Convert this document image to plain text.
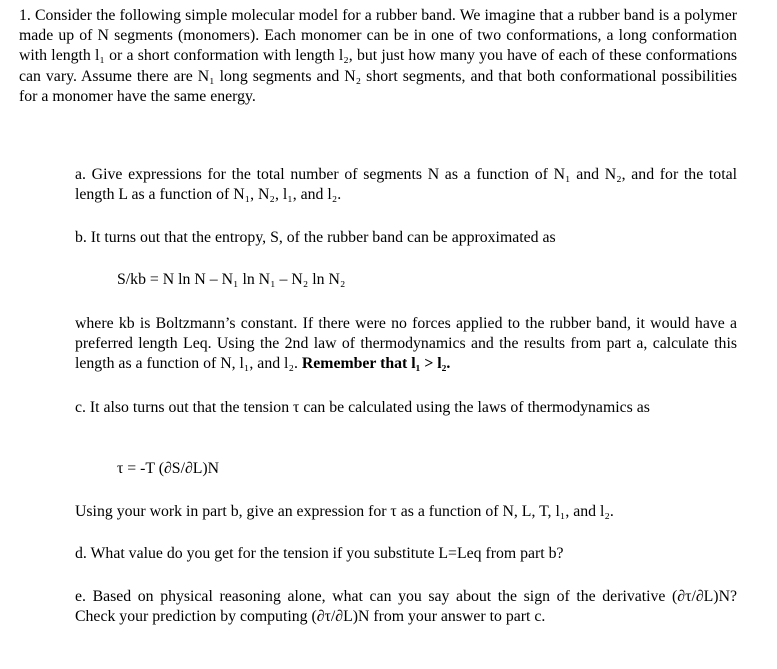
1. Consider the following simple molecular model for a rubber band. We imagine that a rubber band is a polymer made up of N segments (monomers). Each monomer can be in one of two conformations, a long conformation with length l₁ or a short conformation with length l₂, but just how many you have of each of these conformations can vary. Assume there are N₁ long segments and N₂ short segments, and that both conformational possibilities for a monomer have the same energy.

a. Give expressions for the total number of segments N as a function of N₁ and N₂, and for the total length L as a function of N₁, N₂, l₁, and l₂.

b. It turns out that the entropy, S, of the rubber band can be approximated as

S/kb = N ln N – N₁ ln N₁ – N₂ ln N₂

where kb is Boltzmann’s constant. If there were no forces applied to the rubber band, it would have a preferred length Leq. Using the 2nd law of thermodynamics and the results from part a, calculate this length as a function of N, l₁, and l₂. Remember that l₁ > l₂.

c. It also turns out that the tension τ can be calculated using the laws of thermodynamics as

τ = -T (∂S/∂L)N

Using your work in part b, give an expression for τ as a function of N, L, T, l₁, and l₂.

d. What value do you get for the tension if you substitute L=Leq from part b?

e. Based on physical reasoning alone, what can you say about the sign of the derivative (∂τ/∂L)N? Check your prediction by computing (∂τ/∂L)N from your answer to part c.
